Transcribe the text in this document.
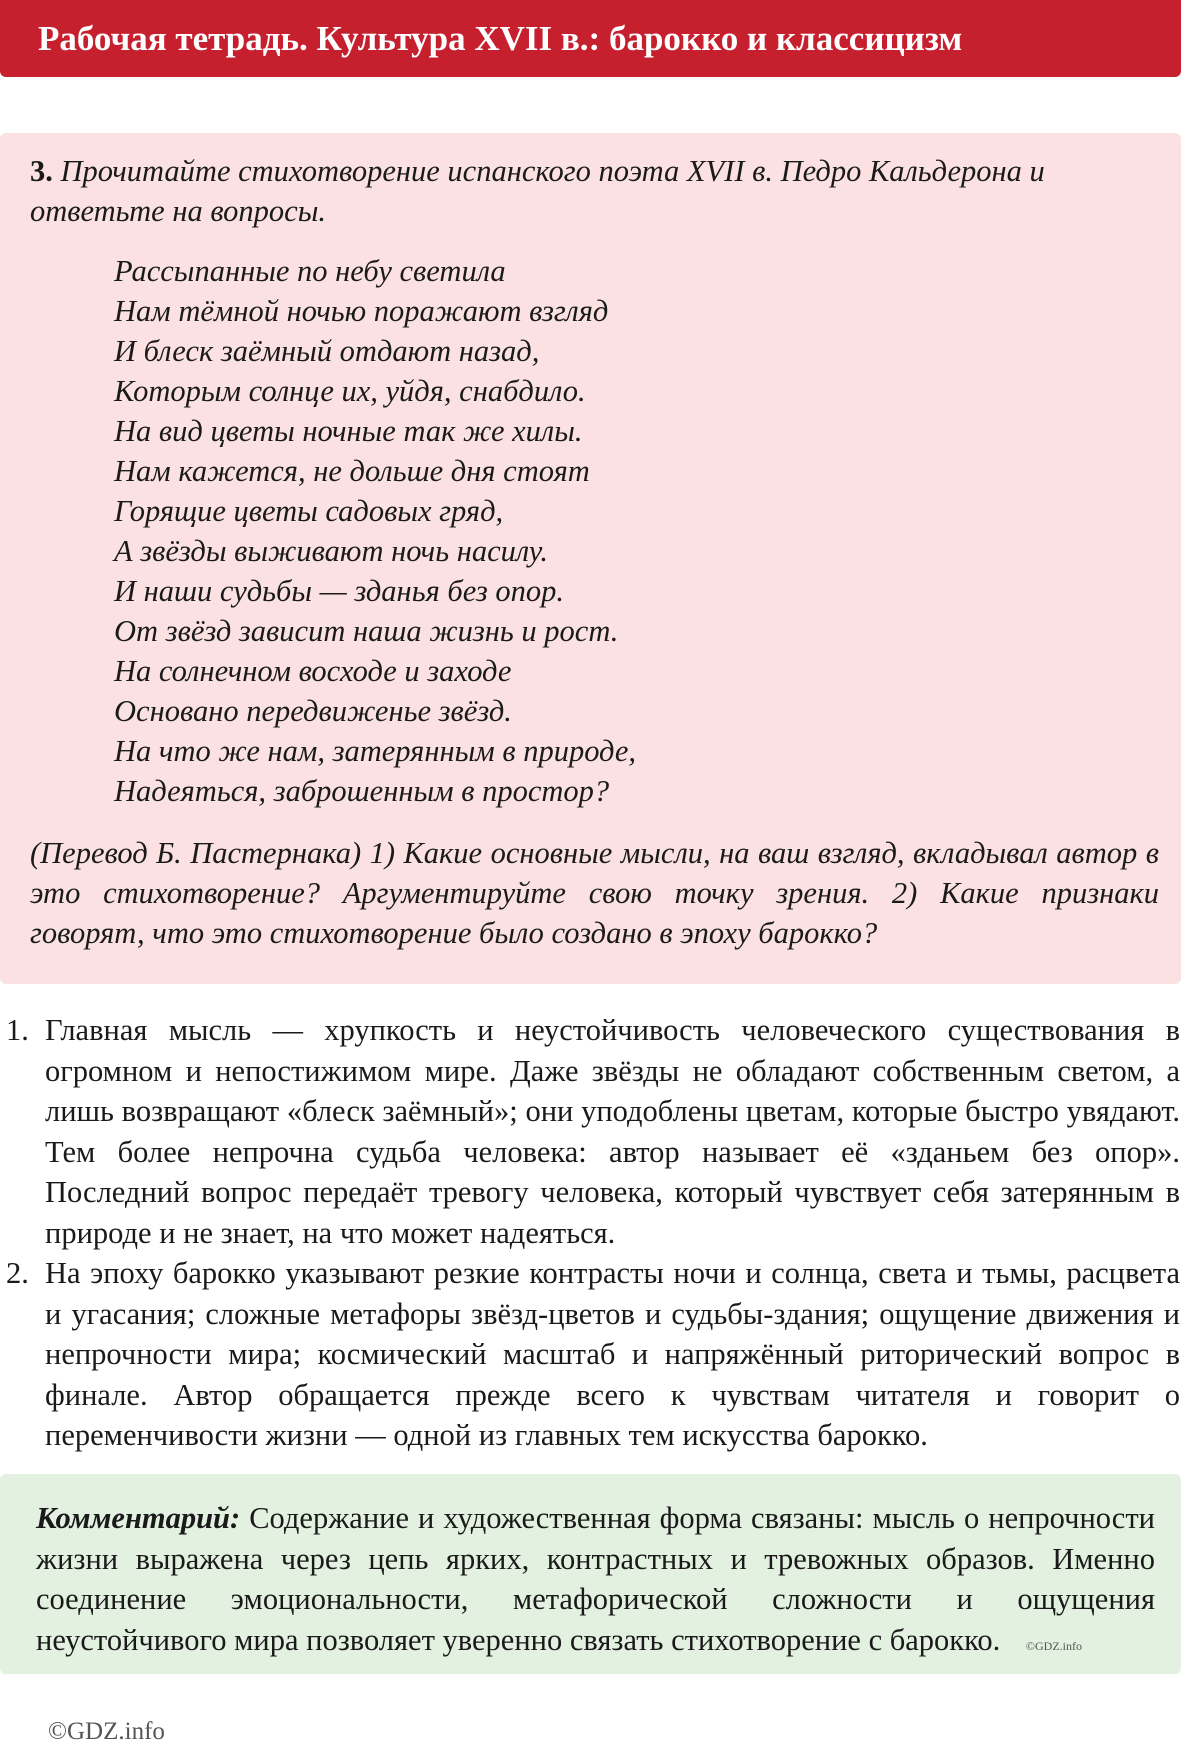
Рабочая тетрадь. Культура XVII в.: барокко и классицизм

3. Прочитайте стихотворение испанского поэта XVII в. Педро Кальдерона и ответьте на вопросы.

Рассыпанные по небу светила
Нам тёмной ночью поражают взгляд
И блеск заёмный отдают назад,
Которым солнце их, уйдя, снабдило.
На вид цветы ночные так же хилы.
Нам кажется, не дольше дня стоят
Горящие цветы садовых гряд,
А звёзды выживают ночь насилу.
И наши судьбы — зданья без опор.
От звёзд зависит наша жизнь и рост.
На солнечном восходе и заходе
Основано передвиженье звёзд.
На что же нам, затерянным в природе,
Надеяться, заброшенным в простор?
(Перевод Б. Пастернака) 1) Какие основные мысли, на ваш взгляд, вкладывал автор в это стихотворение? Аргументируйте свою точку зрения. 2) Какие признаки говорят, что это стихотворение было создано в эпоху барокко?
1. Главная мысль — хрупкость и неустойчивость человеческого существования в огромном и непостижимом мире. Даже звёзды не обладают собственным светом, а лишь возвращают «блеск заёмный»; они уподоблены цветам, которые быстро увядают. Тем более непрочна судьба человека: автор называет её «зданьем без опор». Последний вопрос передаёт тревогу человека, который чувствует себя затерянным в природе и не знает, на что может надеяться.
2. На эпоху барокко указывают резкие контрасты ночи и солнца, света и тьмы, расцвета и угасания; сложные метафоры звёзд-цветов и судьбы-здания; ощущение движения и непрочности мира; космический масштаб и напряжённый риторический вопрос в финале. Автор обращается прежде всего к чувствам читателя и говорит о переменчивости жизни — одной из главных тем искусства барокко.
Комментарий: Содержание и художественная форма связаны: мысль о непрочности жизни выражена через цепь ярких, контрастных и тревожных образов. Именно соединение эмоциональности, метафорической сложности и ощущения неустойчивого мира позволяет уверенно связать стихотворение с барокко. ©GDZ.info
©GDZ.info
